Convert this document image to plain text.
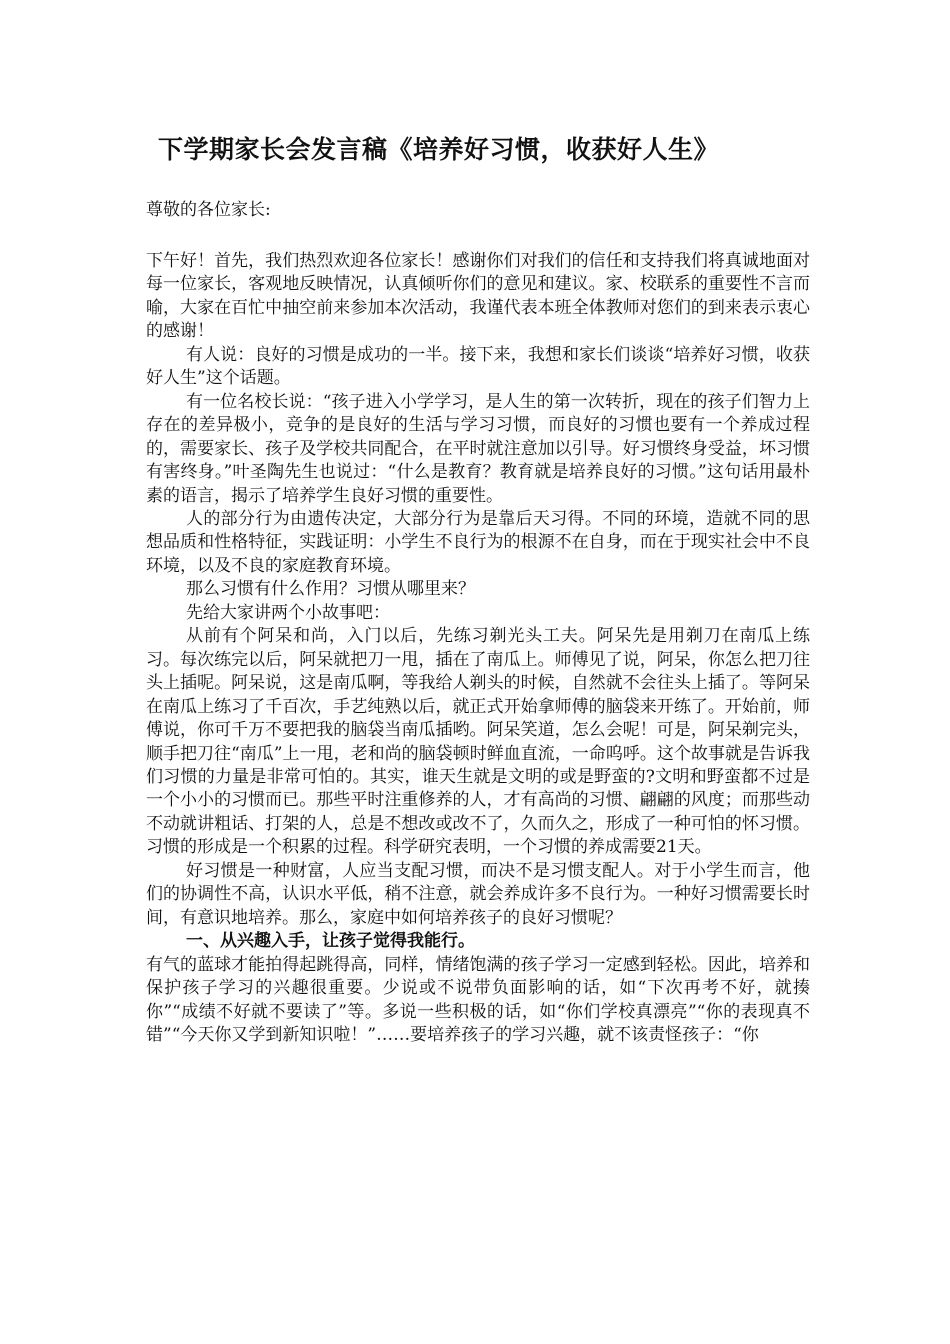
下学期家长会发言稿《培养好习惯，收获好人生》
尊敬的各位家长:

下午好！首先，我们热烈欢迎各位家长！感谢你们对我们的信任和支持我们将真诚地面对每一位家长，客观地反映情况，认真倾听你们的意见和建议。家、校联系的重要性不言而喻，大家在百忙中抽空前来参加本次活动，我谨代表本班全体教师对您们的到来表示衷心的感谢！

有人说：良好的习惯是成功的一半。接下来，我想和家长们谈谈“培养好习惯，收获好人生”这个话题。

有一位名校长说：“孩子进入小学学习，是人生的第一次转折，现在的孩子们智力上存在的差异极小，竞争的是良好的生活与学习习惯，而良好的习惯也要有一个养成过程的，需要家长、孩子及学校共同配合，在平时就注意加以引导。好习惯终身受益，坏习惯有害终身。”叶圣陶先生也说过：“什么是教育？教育就是培养良好的习惯。”这句话用最朴素的语言，揭示了培养学生良好习惯的重要性。

人的部分行为由遗传决定，大部分行为是靠后天习得。不同的环境，造就不同的思想品质和性格特征，实践证明：小学生不良行为的根源不在自身，而在于现实社会中不良环境，以及不良的家庭教育环境。

那么习惯有什么作用？习惯从哪里来？

先给大家讲两个小故事吧：

从前有个阿呆和尚，入门以后，先练习剃光头工夫。阿呆先是用剃刀在南瓜上练习。每次练完以后，阿呆就把刀一甩，插在了南瓜上。师傅见了说，阿呆，你怎么把刀往头上插呢。阿呆说，这是南瓜啊，等我给人剃头的时候，自然就不会往头上插了。等阿呆在南瓜上练习了千百次，手艺纯熟以后，就正式开始拿师傅的脑袋来开练了。开始前，师傅说，你可千万不要把我的脑袋当南瓜插哟。阿呆笑道，怎么会呢！可是，阿呆剃完头，顺手把刀往“南瓜”上一甩，老和尚的脑袋顿时鲜血直流，一命呜呼。这个故事就是告诉我们习惯的力量是非常可怕的。其实，谁天生就是文明的或是野蛮的?文明和野蛮都不过是一个小小的习惯而已。那些平时注重修养的人，才有高尚的习惯、翩翩的风度；而那些动不动就讲粗话、打架的人，总是不想改或改不了，久而久之，形成了一种可怕的怀习惯。习惯的形成是一个积累的过程。科学研究表明，一个习惯的养成需要21天。

好习惯是一种财富，人应当支配习惯，而决不是习惯支配人。对于小学生而言，他们的协调性不高，认识水平低，稍不注意，就会养成许多不良行为。一种好习惯需要长时间，有意识地培养。那么，家庭中如何培养孩子的良好习惯呢？

一、从兴趣入手，让孩子觉得我能行。

有气的蓝球才能拍得起跳得高，同样，情绪饱满的孩子学习一定感到轻松。因此，培养和保护孩子学习的兴趣很重要。少说或不说带负面影响的话，如“下次再考不好，就揍你”“成绩不好就不要读了”等。多说一些积极的话，如“你们学校真漂亮”“你的表现真不错”“今天你又学到新知识啦！”……要培养孩子的学习兴趣，就不该责怪孩子：“你
